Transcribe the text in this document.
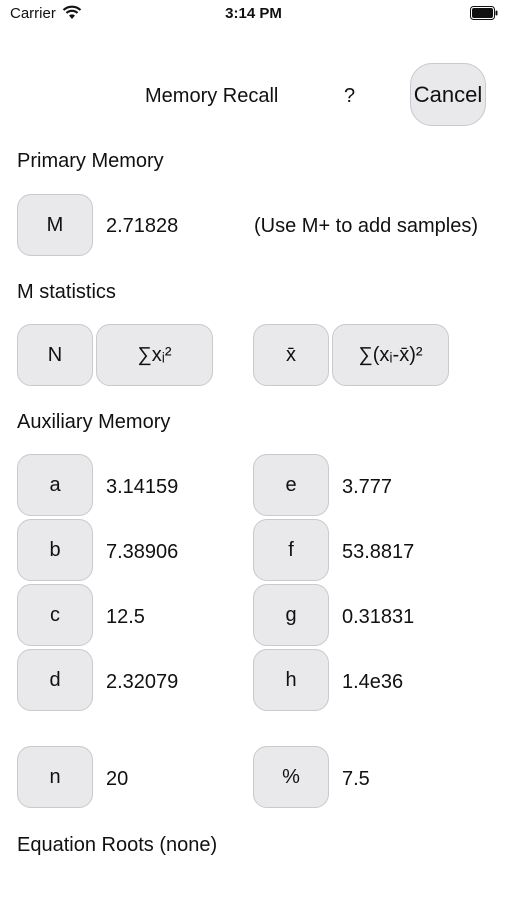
Carrier	3:14 PM
Memory Recall	?	Cancel
Primary Memory
M	2.71828	(Use M+ to add samples)
M statistics
N	∑xᵢ²	x̄	∑(xᵢ-x̄)²
Auxiliary Memory
a	3.14159	e	3.777
b	7.38906	f	53.8817
c	12.5	g	0.31831
d	2.32079	h	1.4e36
n	20	%	7.5
Equation Roots (none)
